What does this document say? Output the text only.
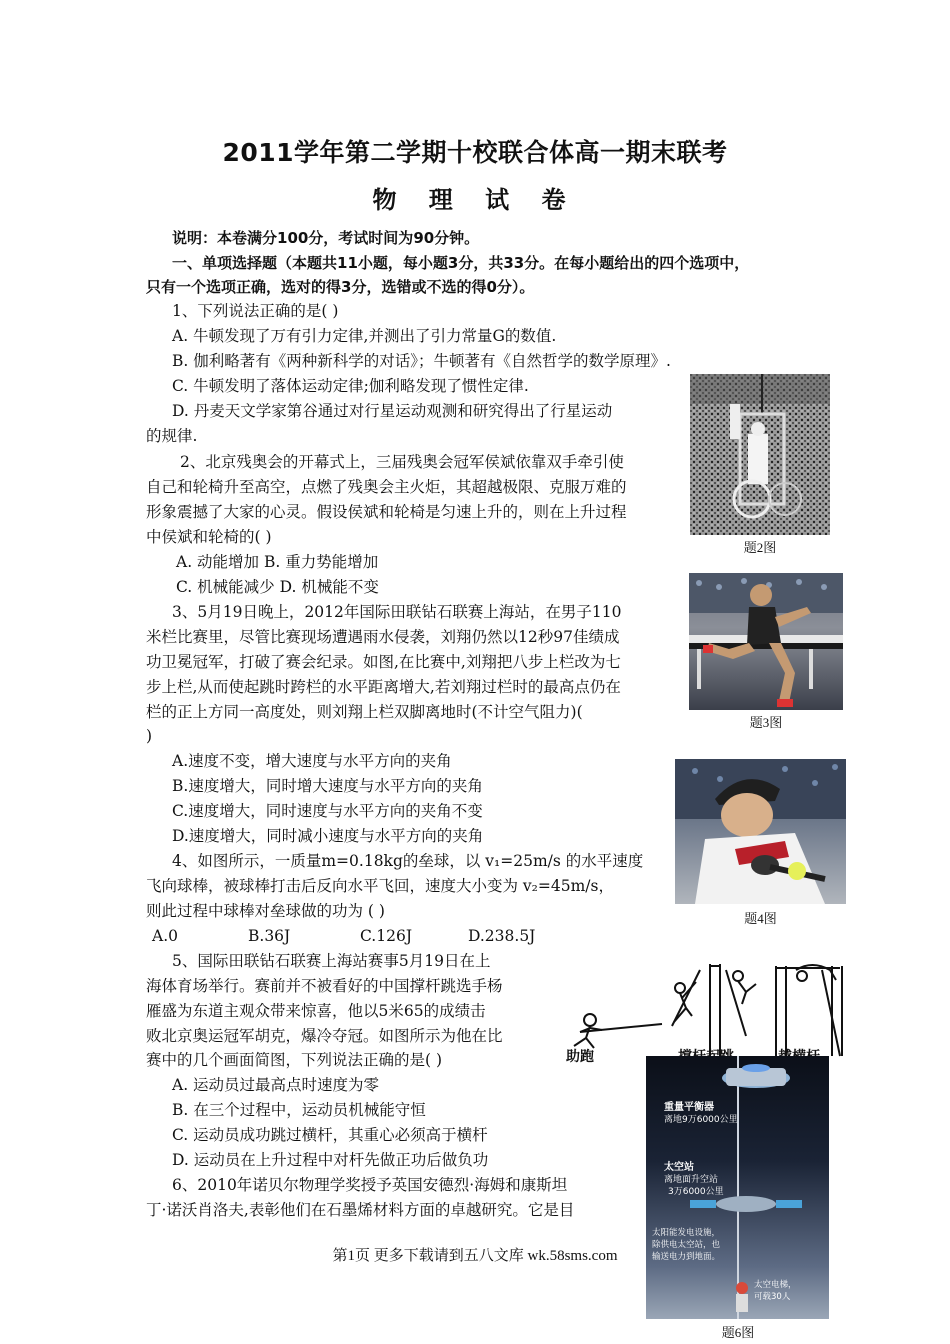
2011学年第二学期十校联合体高一期末联考
物 理 试 卷
说明：本卷满分100分，考试时间为90分钟。
一、单项选择题（本题共11小题，每小题3分，共33分。在每小题给出的四个选项中，
只有一个选项正确，选对的得3分，选错或不选的得0分）。
1、下列说法正确的是( )
A. 牛顿发现了万有引力定律,并测出了引力常量G的数值.
B. 伽利略著有《两种新科学的对话》；牛顿著有《自然哲学的数学原理》.
C. 牛顿发明了落体运动定律;伽利略发现了惯性定律.
D. 丹麦天文学家第谷通过对行星运动观测和研究得出了行星运动
的规律.
2、北京残奥会的开幕式上，三届残奥会冠军侯斌依靠双手牵引使
自己和轮椅升至高空，点燃了残奥会主火炬，其超越极限、克服万难的
形象震撼了大家的心灵。假设侯斌和轮椅是匀速上升的，则在上升过程
中侯斌和轮椅的( )
A. 动能增加 B. 重力势能增加
C. 机械能减少 D. 机械能不变
3、5月19日晚上，2012年国际田联钻石联赛上海站，在男子110
米栏比赛里，尽管比赛现场遭遇雨水侵袭，刘翔仍然以12秒97佳绩成
功卫冕冠军，打破了赛会纪录。如图,在比赛中,刘翔把八步上栏改为七
步上栏,从而使起跳时跨栏的水平距离增大,若刘翔过栏时的最高点仍在
栏的正上方同一高度处，则刘翔上栏双脚离地时(不计空气阻力)(
)
A.速度不变，增大速度与水平方向的夹角
B.速度增大，同时增大速度与水平方向的夹角
C.速度增大，同时速度与水平方向的夹角不变
D.速度增大，同时减小速度与水平方向的夹角
4、如图所示，一质量m=0.18kg的垒球，以 v₁=25m/s 的水平速度
飞向球棒，被球棒打击后反向水平飞回，速度大小变为 v₂=45m/s，
则此过程中球棒对垒球做的功为 ( )
A.0	B.36J	C.126J	D.238.5J
5、国际田联钻石联赛上海站赛事5月19日在上
海体育场举行。赛前并不被看好的中国撑杆跳选手杨
雁盛为东道主观众带来惊喜，他以5米65的成绩击
败北京奥运冠军胡克，爆冷夺冠。如图所示为他在比
赛中的几个画面简图，下列说法正确的是( )
A. 运动员过最高点时速度为零
B. 在三个过程中，运动员机械能守恒
C. 运动员成功跳过横杆，其重心必须高于横杆
D. 运动员在上升过程中对杆先做正功后做负功
6、2010年诺贝尔物理学奖授予英国安德烈·海姆和康斯坦
丁·诺沃肖洛夫,表彰他们在石墨烯材料方面的卓越研究。它是目
题2图
题3图
题4图
助跑
重量平衡器
离地9万6000公里
太空站
离地面升空站
3万6000公里
太阳能发电设施，
除供电太空站，也
输送电力到地面。
太空电梯，
可载30人
题6图
第1页 更多下载请到五八文库 wk.58sms.com
